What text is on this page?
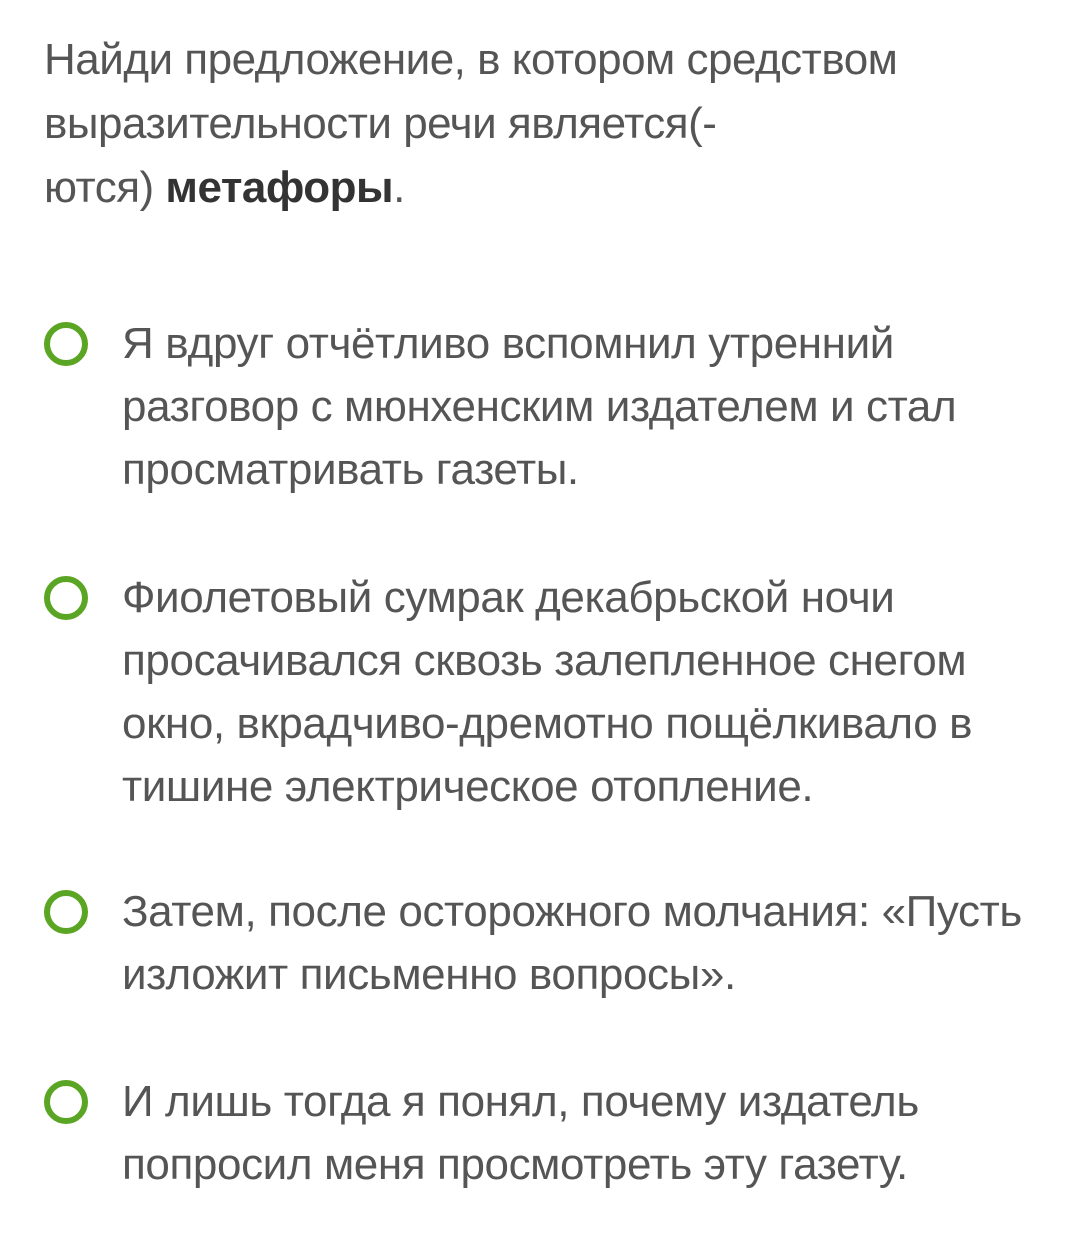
Найди предложение, в котором средством
выразительности речи является(-
ются) метафоры.
Я вдруг отчётливо вспомнил утренний
разговор с мюнхенским издателем и стал
просматривать газеты.
Фиолетовый сумрак декабрьской ночи
просачивался сквозь залепленное снегом
окно, вкрадчиво-дремотно пощёлкивало в
тишине электрическое отопление.
Затем, после осторожного молчания: «Пусть
изложит письменно вопросы».
И лишь тогда я понял, почему издатель
попросил меня просмотреть эту газету.
